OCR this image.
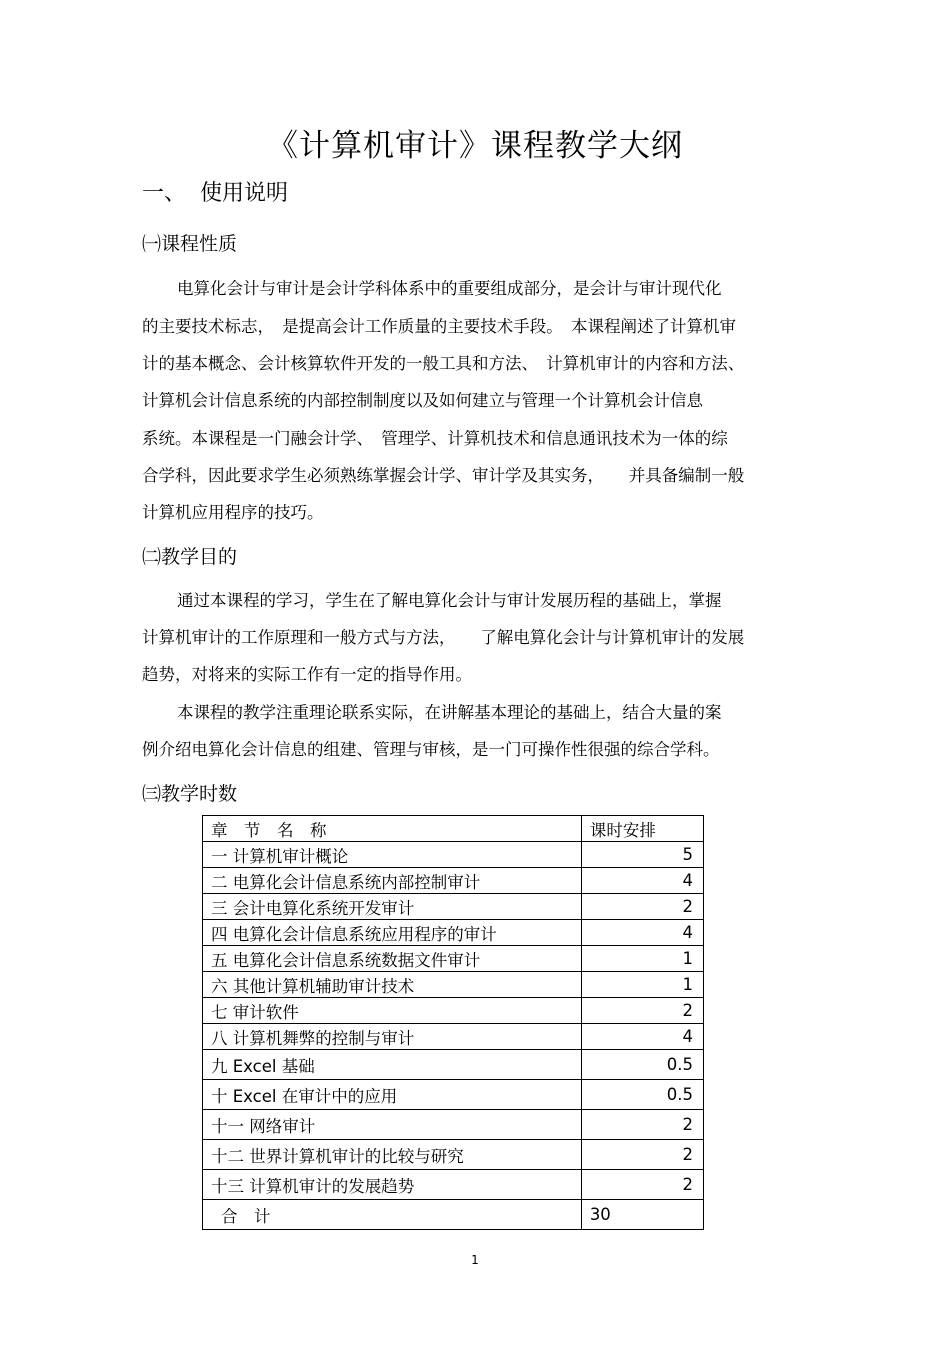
《计算机审计》课程教学大纲
一、 使用说明
㈠课程性质
电算化会计与审计是会计学科体系中的重要组成部分，是会计与审计现代化
的主要技术标志，　是提高会计工作质量的主要技术手段。　本课程阐述了计算机审
计的基本概念、会计核算软件开发的一般工具和方法、　计算机审计的内容和方法、
计算机会计信息系统的内部控制制度以及如何建立与管理一个计算机会计信息
系统。本课程是一门融会计学、　管理学、计算机技术和信息通讯技术为一体的综
合学科，因此要求学生必须熟练掌握会计学、审计学及其实务，　　并具备编制一般
计算机应用程序的技巧。
㈡教学目的
通过本课程的学习，学生在了解电算化会计与审计发展历程的基础上，掌握
计算机审计的工作原理和一般方式与方法，　　了解电算化会计与计算机审计的发展
趋势，对将来的实际工作有一定的指导作用。
本课程的教学注重理论联系实际，在讲解基本理论的基础上，结合大量的案
例介绍电算化会计信息的组建、管理与审核，是一门可操作性很强的综合学科。
㈢教学时数
章　节　名　称	课时安排
一 计算机审计概论	5
二 电算化会计信息系统内部控制审计	4
三 会计电算化系统开发审计	2
四 电算化会计信息系统应用程序的审计	4
五 电算化会计信息系统数据文件审计	1
六 其他计算机辅助审计技术	1
七 审计软件	2
八 计算机舞弊的控制与审计	4
九 Excel 基础	0.5
十 Excel 在审计中的应用	0.5
十一 网络审计	2
十二 世界计算机审计的比较与研究	2
十三 计算机审计的发展趋势	2
合　计	30
1
